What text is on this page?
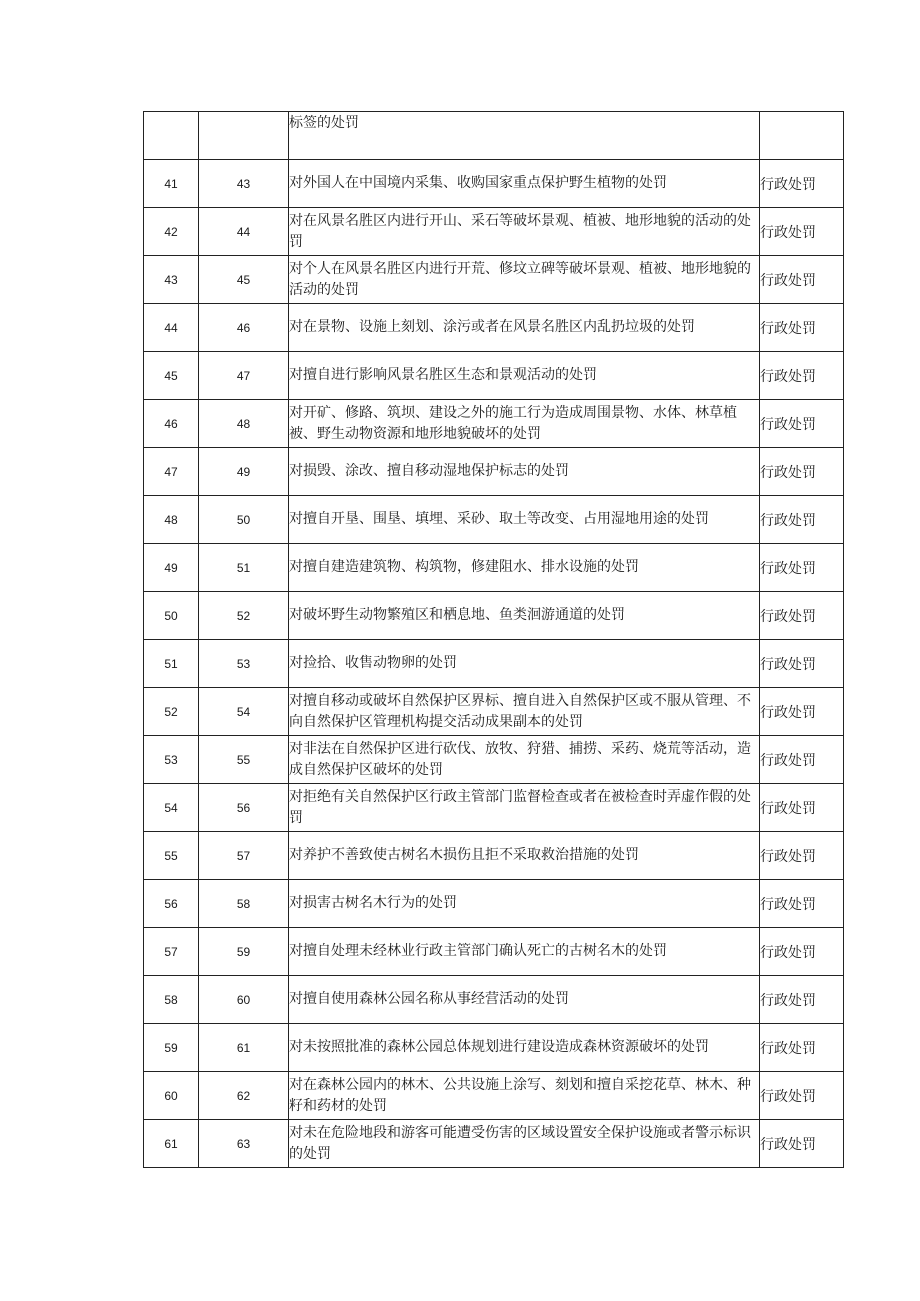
		标签的处罚	
41	43	对外国人在中国境内采集、收购国家重点保护野生植物的处罚	行政处罚
42	44	对在风景名胜区内进行开山、采石等破坏景观、植被、地形地貌的活动的处罚	行政处罚
43	45	对个人在风景名胜区内进行开荒、修坟立碑等破坏景观、植被、地形地貌的活动的处罚	行政处罚
44	46	对在景物、设施上刻划、涂污或者在风景名胜区内乱扔垃圾的处罚	行政处罚
45	47	对擅自进行影响风景名胜区生态和景观活动的处罚	行政处罚
46	48	对开矿、修路、筑坝、建设之外的施工行为造成周围景物、水体、林草植被、野生动物资源和地形地貌破坏的处罚	行政处罚
47	49	对损毁、涂改、擅自移动湿地保护标志的处罚	行政处罚
48	50	对擅自开垦、围垦、填埋、采砂、取土等改变、占用湿地用途的处罚	行政处罚
49	51	对擅自建造建筑物、构筑物，修建阻水、排水设施的处罚	行政处罚
50	52	对破坏野生动物繁殖区和栖息地、鱼类洄游通道的处罚	行政处罚
51	53	对捡拾、收售动物卵的处罚	行政处罚
52	54	对擅自移动或破坏自然保护区界标、擅自进入自然保护区或不服从管理、不向自然保护区管理机构提交活动成果副本的处罚	行政处罚
53	55	对非法在自然保护区进行砍伐、放牧、狩猎、捕捞、采药、烧荒等活动，造成自然保护区破坏的处罚	行政处罚
54	56	对拒绝有关自然保护区行政主管部门监督检查或者在被检查时弄虚作假的处罚	行政处罚
55	57	对养护不善致使古树名木损伤且拒不采取救治措施的处罚	行政处罚
56	58	对损害古树名木行为的处罚	行政处罚
57	59	对擅自处理未经林业行政主管部门确认死亡的古树名木的处罚	行政处罚
58	60	对擅自使用森林公园名称从事经营活动的处罚	行政处罚
59	61	对未按照批准的森林公园总体规划进行建设造成森林资源破坏的处罚	行政处罚
60	62	对在森林公园内的林木、公共设施上涂写、刻划和擅自采挖花草、林木、种籽和药材的处罚	行政处罚
61	63	对未在危险地段和游客可能遭受伤害的区域设置安全保护设施或者警示标识的处罚	行政处罚
